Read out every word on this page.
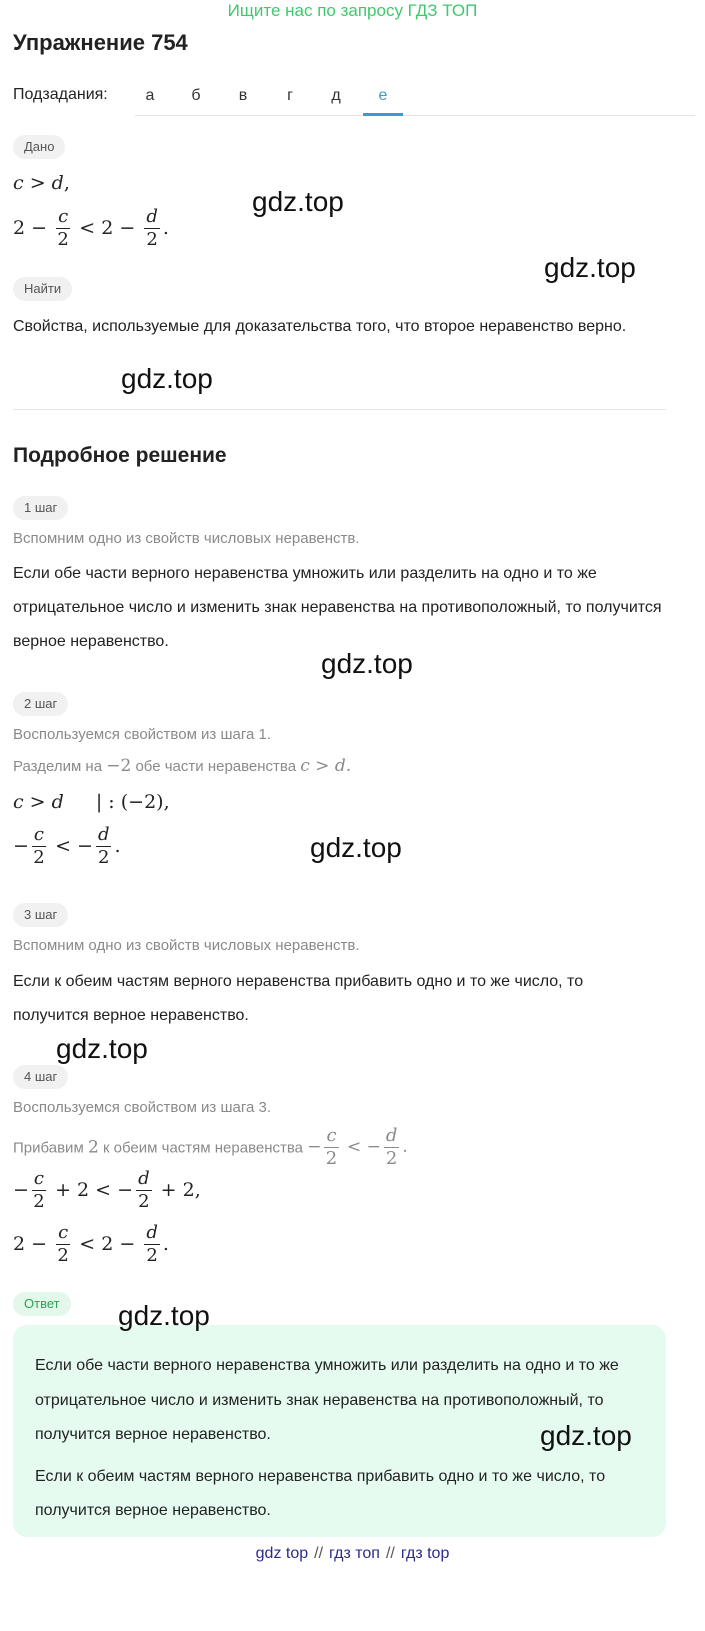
Ищите нас по запросу ГДЗ ТОП
Упражнение 754
Подзадания:	а	б	в	г	д	е
Дано
c > d,
$2 - \frac{c}{2} < 2 - \frac{d}{2}$ .
Найти
Свойства, используемые для доказательства того, что второе неравенство верно.
Подробное решение
1 шаг
Вспомним одно из свойств числовых неравенств.
Если обе части верного неравенства умножить или разделить на одно и то же отрицательное число и изменить знак неравенства на противоположный, то получится верное неравенство.
2 шаг
Воспользуемся свойством из шага 1.
Разделим на −2 обе части неравенства c > d.
c > d | : (−2),
− $\frac{c}{2}$ < − $\frac{d}{2}$ .
3 шаг
Вспомним одно из свойств числовых неравенств.
Если к обеим частям верного неравенства прибавить одно и то же число, то получится верное неравенство.
4 шаг
Воспользуемся свойством из шага 3.
Прибавим 2 к обеим частям неравенства − $\frac{c}{2}$ < − $\frac{d}{2}$ .
− $\frac{c}{2} + 2$ < − $\frac{d}{2} + 2$,
$2 - \frac{c}{2} < 2 - \frac{d}{2}$ .
Ответ

Если обе части верного неравенства умножить или разделить на одно и то же отрицательное число и изменить знак неравенства на противоположный, то получится верное неравенство.

Если к обеим частям верного неравенства прибавить одно и то же число, то получится верное неравенство.

gdz.top
gdz.top
gdz.top
gdz.top
gdz.top
gdz.top
gdz.top
gdz.top
gdz top // гдз топ // гдз top
